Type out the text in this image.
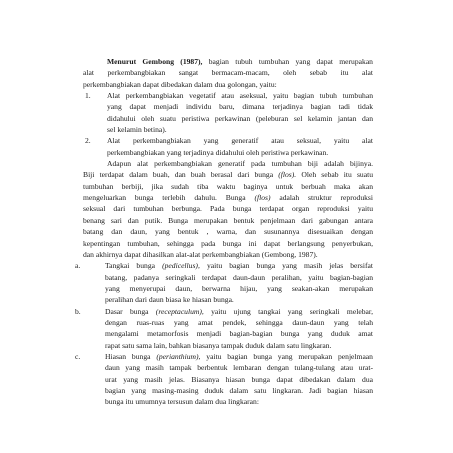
Menurut Gembong (1987), bagian tubuh tumbuhan yang dapat merupakan

alat perkembangbiakan sangat bermacam-macam, oleh sebab itu alat

perkembangbiakan dapat dibedakan dalam dua golongan, yaitu:

1. Alat perkembangbiakan vegetatif atau aseksual, yaitu bagian tubuh tumbuhan

yang dapat menjadi individu baru, dimana terjadinya bagian tadi tidak

didahului oleh suatu peristiwa perkawinan (peleburan sel kelamin jantan dan

sel kelamin betina).

2. Alat perkembangbiakan yang generatif atau seksual, yaitu alat

perkembangbiakan yang terjadinya didahului oleh peristiwa perkawinan.

Adapun alat perkembangbiakan generatif pada tumbuhan biji adalah bijinya.

Biji terdapat dalam buah, dan buah berasal dari bunga (flos). Oleh sebab itu suatu

tumbuhan berbiji, jika sudah tiba waktu baginya untuk berbuah maka akan

mengeluarkan bunga terlebih dahulu. Bunga (flos) adalah struktur reproduksi

seksual dari tumbuhan berbunga. Pada bunga terdapat organ reproduksi yaitu

benang sari dan putik. Bunga merupakan bentuk penjelmaan dari gabungan antara

batang dan daun, yang bentuk , warna, dan susunannya disesuaikan dengan

kepentingan tumbuhan, sehingga pada bunga ini dapat berlangsung penyerbukan,

dan akhirnya dapat dihasilkan alat-alat perkembangbiakan (Gembong, 1987).

a.	Tangkai bunga (pedicellus), yaitu bagian bunga yang masih jelas bersifat

batang, padanya seringkali terdapat daun-daun peralihan, yaitu bagian-bagian

yang menyerupai daun, berwarna hijau, yang seakan-akan merupakan

peralihan dari daun biasa ke hiasan bunga.

b.	Dasar bunga (receptaculum), yaitu ujung tangkai yang seringkali melebar,

dengan ruas-ruas yang amat pendek, sehingga daun-daun yang telah

mengalami metamorfosis menjadi bagian-bagian bunga yang duduk amat

rapat satu sama lain, bahkan biasanya tampak duduk dalam satu lingkaran.

c.	Hiasan bunga (perianthium), yaitu bagian bunga yang merupakan penjelmaan

daun yang masih tampak berbentuk lembaran dengan tulang-tulang atau urat-

urat yang masih jelas. Biasanya hiasan bunga dapat dibedakan dalam dua

bagian yang masing-masing duduk dalam satu lingkaran. Jadi bagian hiasan

bunga itu umumnya tersusun dalam dua lingkaran:
